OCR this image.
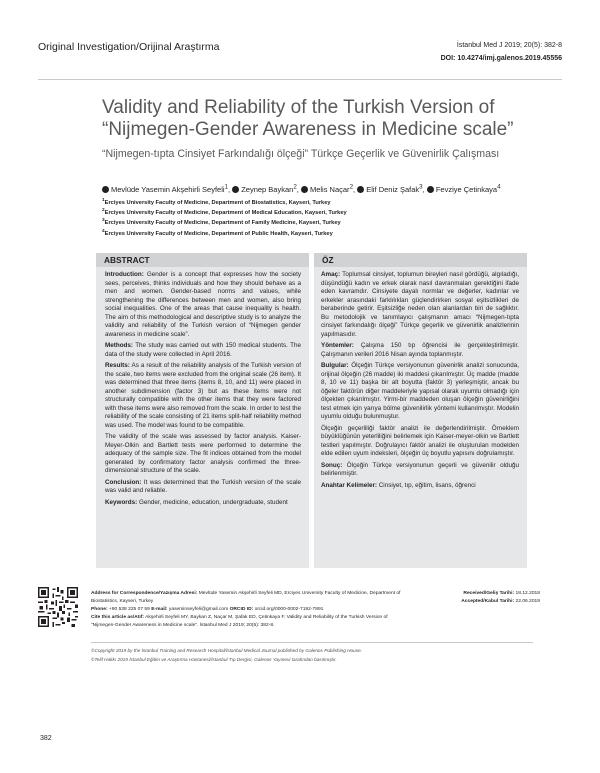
Original Investigation/Orijinal Araştırma	İstanbul Med J 2019; 20(5): 382-8
DOI: 10.4274/imj.galenos.2019.45556
Validity and Reliability of the Turkish Version of “Nijmegen-Gender Awareness in Medicine scale”
“Nijmegen-tıpta Cinsiyet Farkındalığı ölçeği” Türkçe Geçerlik ve Güvenirlik Çalışması
Mevlüde Yasemin Akşehirli Seyfeli$^1$, Zeynep Baykan$^2$, Melis Naçar$^2$, Elif Deniz Şafak$^3$, Fevziye Çetinkaya$^4$
$^1$Erciyes University Faculty of Medicine, Department of Biostatistics, Kayseri, Turkey
$^2$Erciyes University Faculty of Medicine, Department of Medical Education, Kayseri, Turkey
$^3$Erciyes University Faculty of Medicine, Department of Family Medicine, Kayseri, Turkey
$^4$Erciyes University Faculty of Medicine, Department of Public Health, Kayseri, Turkey
ABSTRACT

Introduction: Gender is a concept that expresses how the society sees, perceives, thinks individuals and how they should behave as a men and women. Gender-based norms and values, while strengthening the differences between men and women, also bring social inequalities. One of the areas that cause inequality is health. The aim of this methodological and descriptive study is to analyze the validity and reliability of the Turkish version of “Nijmegen gender awareness in medicine scale”.

Methods: The study was carried out with 150 medical students. The data of the study were collected in April 2016.

Results: As a result of the reliability analysis of the Turkish version of the scale, two items were excluded from the original scale (26 item). It was determined that three items (items 8, 10, and 11) were placed in another subdimension (factor 3) but as these items were not structurally compatible with the other items that they were factored with these items were also removed from the scale. In order to test the reliability of the scale consisting of 21 items split-half reliability method was used. The model was found to be compatible.

The validity of the scale was assessed by factor analysis. Kaiser-Meyer-Olkin and Bartlett tests were performed to determine the adequacy of the sample size. The fit indices obtained from the model generated by confirmatory factor analysis confirmed the three-dimensional structure of the scale.

Conclusion: It was determined that the Turkish version of the scale was valid and reliable.

Keywords: Gender, medicine, education, undergraduate, student

ÖZ

Amaç: Toplumsal cinsiyet, toplumun bireyleri nasıl gördüğü, algıladığı, düşündüğü kadın ve erkek olarak nasıl davranmaları gerektiğini ifade eden kavramdır. Cinsiyete dayalı normlar ve değerler, kadınlar ve erkekler arasındaki farklılıkları güçlendirirken sosyal eşitsizlikleri de beraberinde getirir. Eşitsizliğe neden olan alanlardan biri de sağlıktır. Bu metodolojik ve tanımlayıcı çalışmanın amacı “Nijmegen-tıpta cinsiyet farkındalığı ölçeği” Türkçe geçerlik ve güvenirlik analizlerinin yapılmasıdır.

Yöntemler: Çalışma 150 tıp öğrencisi ile gerçekleştirilmiştir. Çalışmanın verileri 2016 Nisan ayında toplanmıştır.

Bulgular: Ölçeğin Türkçe versiyonunun güvenirlik analizi sonucunda, orijinal ölçeğin (26 madde) iki maddesi çıkarılmıştır. Üç madde (madde 8, 10 ve 11) başka bir alt boyutta (faktör 3) yerleşmiştir, ancak bu öğeler faktörün diğer maddeleriyle yapısal olarak uyumlu olmadığı için ölçekten çıkarılmıştır. Yirmi-bir maddeden oluşan ölçeğin güvenirliğini test etmek için yarıya bölme güvenilirlik yöntemi kullanılmıştır. Modelin uyumlu olduğu bulunmuştur.

Ölçeğin geçerliliği faktör analizi ile değerlendirilmiştir. Örneklem büyüklüğünün yeterliliğini belirlemek için Kaiser-meyer-olkin ve Bartlett testleri yapılmıştır. Doğrulayıcı faktör analizi ile oluşturulan modelden elde edilen uyum indeksleri, ölçeğin üç boyutlu yapısını doğrulamıştır.

Sonuç: Ölçeğin Türkçe versiyonunun geçerli ve güvenilir olduğu belirlenmiştir.

Anahtar Kelimeler: Cinsiyet, tıp, eğitim, lisans, öğrenci

Address for Correspondence/Yazışma Adresi: Mevlüde Yasemin Akşehirli Seyfeli MD, Erciyes University Faculty of Medicine, Department of Biostatistics, Kayseri, Turkey
Phone: +90 538 225 07 59 E-mail: yaseminseyfeli@gmail.com ORCID ID: orcid.org/0000-0002-7192-7891
Cite this article as/Atıf: Akşehirli Seyfeli MY, Baykan Z, Naçar M, Şafak ED, Çetinkaya F. Validity and Reliability of the Turkish Version of “Nijmegen-Gender Awareness in Medicine scale”. İstanbul Med J 2019; 20(5): 382-8.
Received/Geliş Tarihi: 18.12.2018
Accepted/Kabul Tarihi: 22.06.2019
©Copyright 2019 by the İstanbul Training and Research Hospital/İstanbul Medical Journal published by Galenos Publishing House.
©Telif Hakkı 2019 İstanbul Eğitim ve Araştırma Hastanesi/İstanbul Tıp Dergisi, Galenos Yayınevi tarafından basılmıştır.
382
